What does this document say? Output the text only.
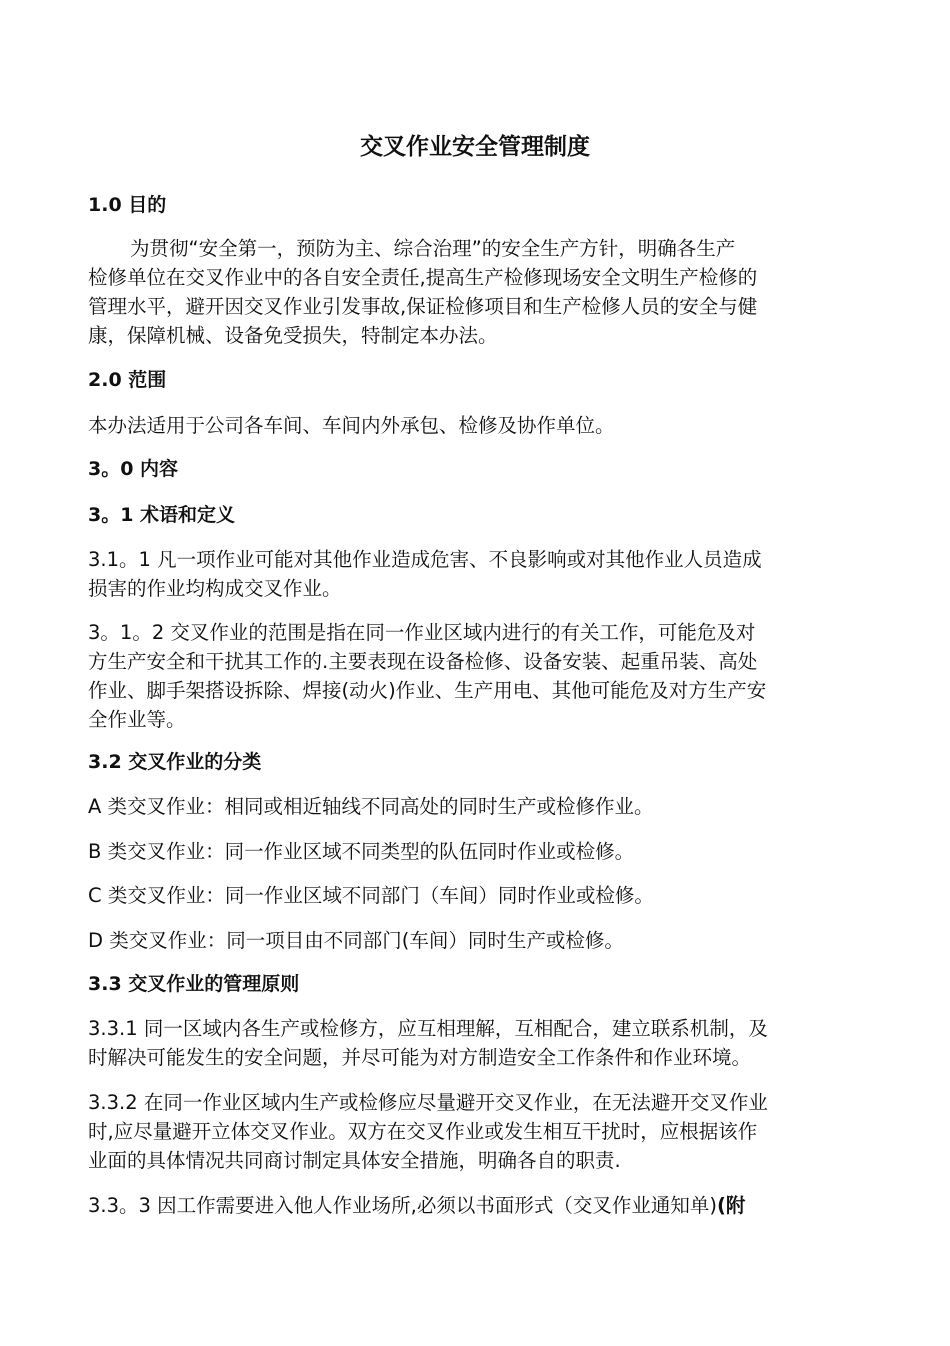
交叉作业安全管理制度
1.0 目的
为贯彻“安全第一，预防为主、综合治理”的安全生产方针，明确各生产
检修单位在交叉作业中的各自安全责任,提高生产检修现场安全文明生产检修的
管理水平，避开因交叉作业引发事故,保证检修项目和生产检修人员的安全与健
康，保障机械、设备免受损失，特制定本办法。
2.0 范围
本办法适用于公司各车间、车间内外承包、检修及协作单位。
3。0 内容
3。1 术语和定义
3.1。1 凡一项作业可能对其他作业造成危害、不良影响或对其他作业人员造成
损害的作业均构成交叉作业。
3。1。2 交叉作业的范围是指在同一作业区域内进行的有关工作，可能危及对
方生产安全和干扰其工作的.主要表现在设备检修、设备安装、起重吊装、高处
作业、脚手架搭设拆除、焊接(动火)作业、生产用电、其他可能危及对方生产安
全作业等。
3.2 交叉作业的分类
A 类交叉作业：相同或相近轴线不同高处的同时生产或检修作业。
B 类交叉作业：同一作业区域不同类型的队伍同时作业或检修。
C 类交叉作业：同一作业区域不同部门（车间）同时作业或检修。
D 类交叉作业：同一项目由不同部门(车间）同时生产或检修。
3.3 交叉作业的管理原则
3.3.1 同一区域内各生产或检修方，应互相理解，互相配合，建立联系机制，及
时解决可能发生的安全问题，并尽可能为对方制造安全工作条件和作业环境。
3.3.2 在同一作业区域内生产或检修应尽量避开交叉作业，在无法避开交叉作业
时,应尽量避开立体交叉作业。双方在交叉作业或发生相互干扰时，应根据该作
业面的具体情况共同商讨制定具体安全措施，明确各自的职责.
3.3。3 因工作需要进入他人作业场所,必须以书面形式（交叉作业通知单)(附
